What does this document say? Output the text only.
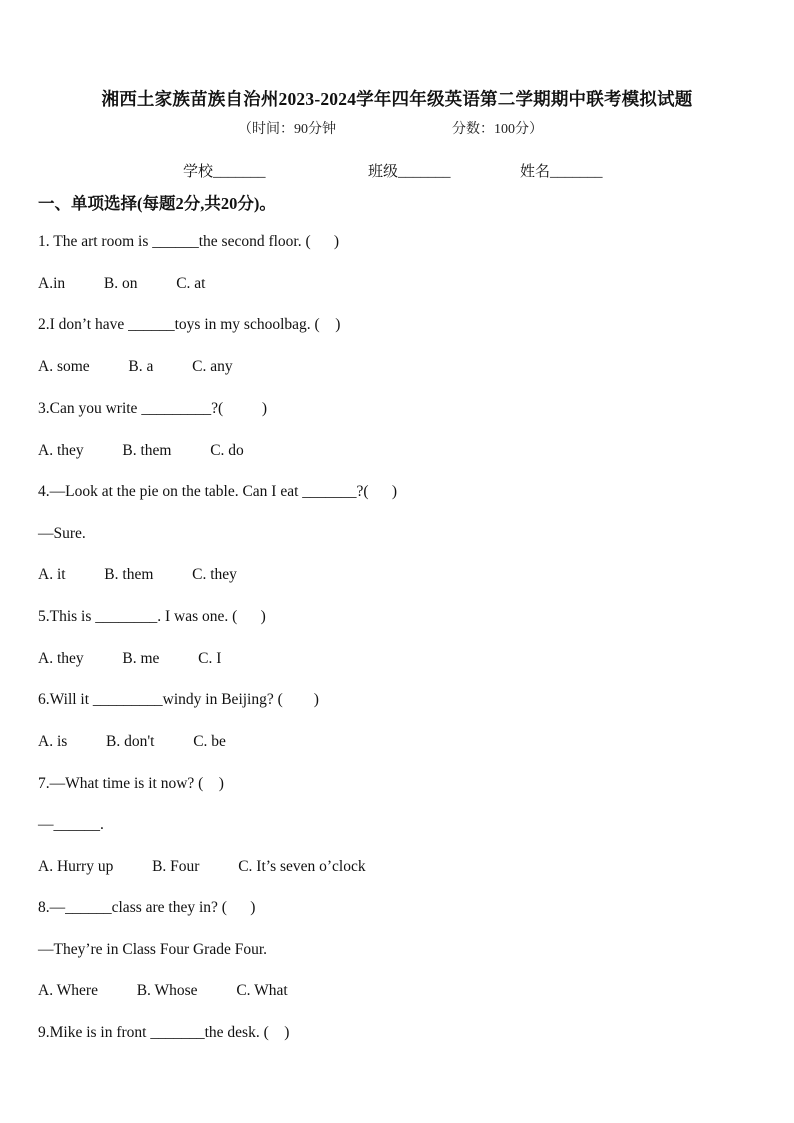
湘西土家族苗族自治州2023-2024学年四年级英语第二学期期中联考模拟试题
（时间：90分钟	分数：100分）
学校_______	班级_______	姓名_______
一、单项选择(每题2分,共20分)。
1. The art room is ______the second floor. (      )
A.in          B. on          C. at
2.I don’t have ______toys in my schoolbag. (    )
A. some          B. a          C. any
3.Can you write _________?(          )
A. they          B. them          C. do
4.—Look at the pie on the table. Can I eat _______?(      )
—Sure.
A. it          B. them          C. they
5.This is ________. I was one. (      )
A. they          B. me          C. I
6.Will it _________windy in Beijing? (        )
A. is          B. don't          C. be
7.—What time is it now? (    )
—______.
A. Hurry up          B. Four          C. It’s seven o’clock
8.—______class are they in? (      )
—They’re in Class Four Grade Four.
A. Where          B. Whose          C. What
9.Mike is in front _______the desk. (    )
